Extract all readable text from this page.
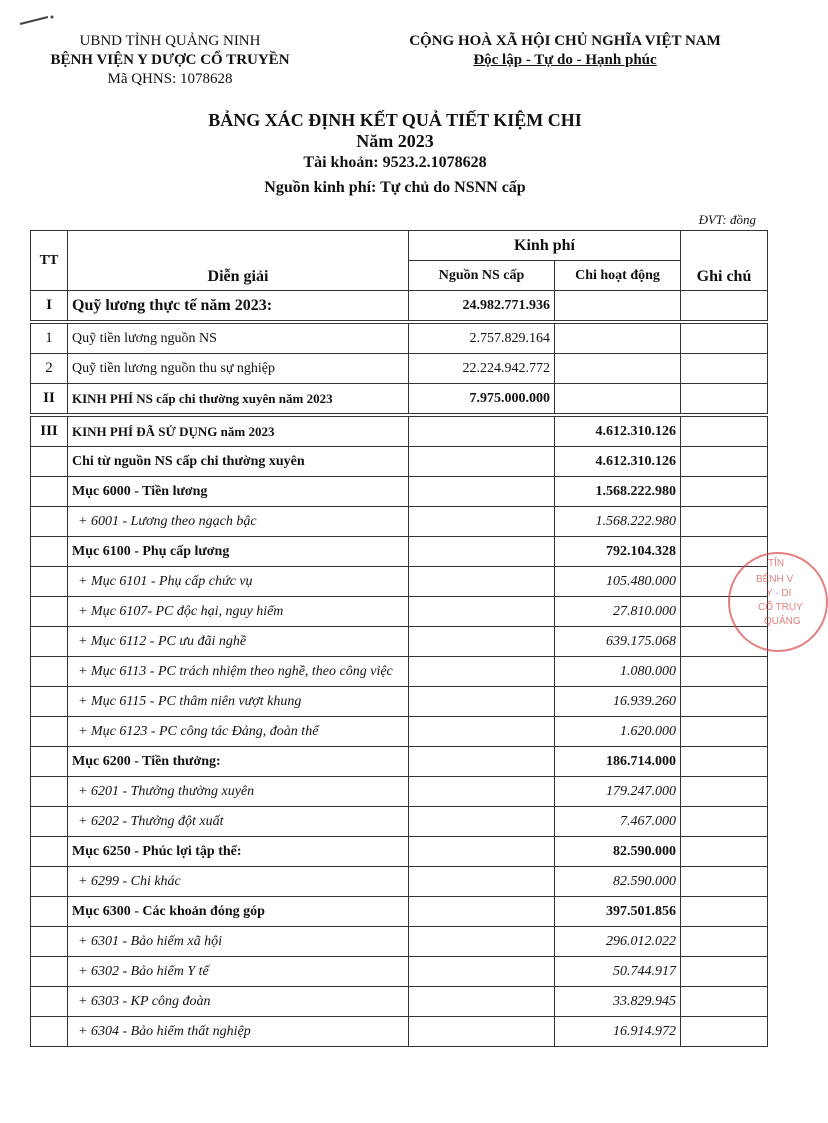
UBND TỈNH QUẢNG NINH
BỆNH VIỆN Y DƯỢC CỔ TRUYỀN
Mã QHNS: 1078628
CỘNG HOÀ XÃ HỘI CHỦ NGHĨA VIỆT NAM
Độc lập - Tự do - Hạnh phúc
BẢNG XÁC ĐỊNH KẾT QUẢ TIẾT KIỆM CHI
Năm 2023
Tài khoản: 9523.2.1078628
Nguồn kinh phí: Tự chủ do NSNN cấp
ĐVT: đồng
TT	Diễn giải	Kinh phí		Ghi chú
		Nguồn NS cấp	Chi hoạt động	
I	Quỹ lương thực tế năm 2023:	24.982.771.936		
1	Quỹ tiền lương nguồn NS	2.757.829.164		
2	Quỹ tiền lương nguồn thu sự nghiệp	22.224.942.772		
II	KINH PHÍ NS cấp chi thường xuyên năm 2023	7.975.000.000		
III	KINH PHÍ ĐÃ SỬ DỤNG năm 2023		4.612.310.126	
	Chi từ nguồn NS cấp chi thường xuyên		4.612.310.126	
	Mục 6000 - Tiền lương		1.568.222.980	
	+ 6001 - Lương theo ngạch bậc		1.568.222.980	
	Mục 6100 - Phụ cấp lương		792.104.328	
	+ Mục 6101 - Phụ cấp chức vụ		105.480.000	
	+ Mục 6107- PC độc hại, nguy hiểm		27.810.000	
	+ Mục 6112 - PC ưu đãi nghề		639.175.068	
	+ Mục 6113 - PC trách nhiệm theo nghề, theo công việc		1.080.000	
	+ Mục 6115 - PC thâm niên vượt khung		16.939.260	
	+ Mục 6123 - PC công tác Đảng, đoàn thể		1.620.000	
	Mục 6200 - Tiền thưởng:		186.714.000	
	+ 6201 - Thưởng thường xuyên		179.247.000	
	+ 6202 - Thưởng đột xuất		7.467.000	
	Mục 6250 - Phúc lợi tập thể:		82.590.000	
	+ 6299 - Chi khác		82.590.000	
	Mục 6300 - Các khoản đóng góp		397.501.856	
	+ 6301 - Bảo hiểm xã hội		296.012.022	
	+ 6302 - Bảo hiểm Y tế		50.744.917	
	+ 6303 - KP công đoàn		33.829.945	
	+ 6304 - Bảo hiểm thất nghiệp		16.914.972	
TỈN
BỆNH V
Y - DI
CỔ TRUY
QUẢNG
